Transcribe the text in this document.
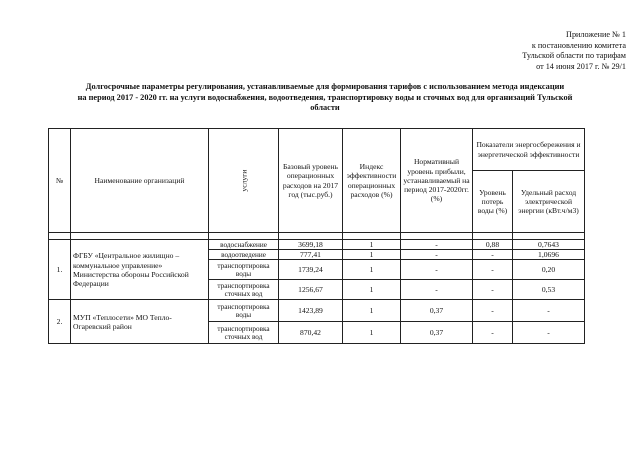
Приложение № 1
к постановлению комитета
Тульской области по тарифам
от 14 июня 2017 г. № 29/1
Долгосрочные параметры регулирования, устанавливаемые для формирования тарифов с использованием метода индексации
на период 2017 - 2020 гг. на услуги водоснабжения, водоотведения, транспортировку воды и сточных вод для организаций Тульской
области
№	Наименование организаций	услуги	Базовый уровень операционных расходов на 2017 год (тыс.руб.)	Индекс эффективности операционных расходов (%)	Нормативный уровень прибыли, устанавливаемый на период 2017-2020гг. (%)	Показатели энергосбережения и энергетической эффективности	
						Уровень потерь воды (%)	Удельный расход электрической энергии (кВт.ч/м3)

1.	ФГБУ «Центральное жилищно – коммунальное управление» Министерства обороны Российской Федерации	водоснабжение	3699,18	1	-	0,88	0,7643
		водоотведение	777,41	1	-	-	1,0696
		транспортировка воды	1739,24	1	-	-	0,20
		транспортировка сточных вод	1256,67	1	-	-	0,53
2.	МУП «Теплосети» МО Тепло-Огаревский район	транспортировка воды	1423,89	1	0,37	-	-
		транспортировка сточных вод	870,42	1	0,37	-	-
